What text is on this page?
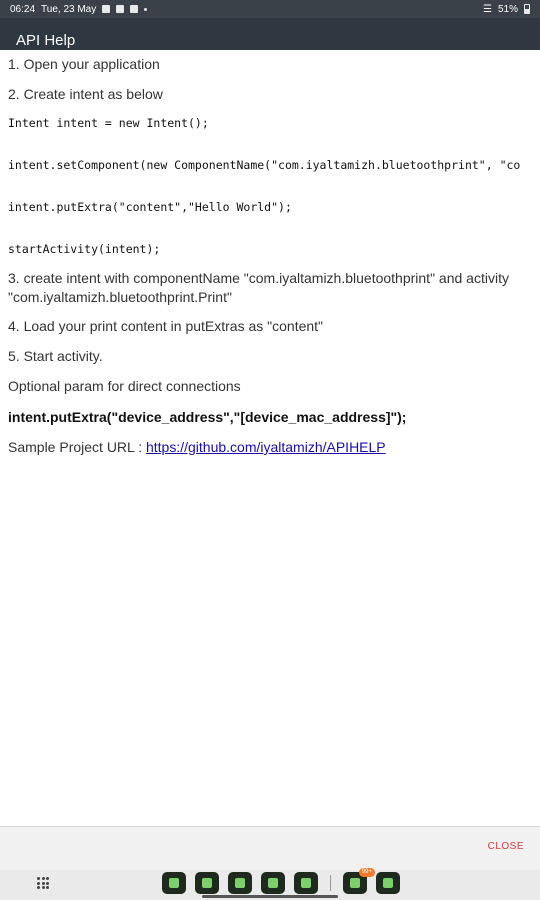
06:24 Tue, 23 May	☰ 51%
API Help

1. Open your application

2. Create intent as below

Intent intent = new Intent();

intent.setComponent(new ComponentName("com.iyaltamizh.bluetoothprint", "co

intent.putExtra("content","Hello World");

startActivity(intent);

3. create intent with componentName "com.iyaltamizh.bluetoothprint" and activity

"com.iyaltamizh.bluetoothprint.Print"

4. Load your print content in putExtras as "content"

5. Start activity.

Optional param for direct connections

intent.putExtra("device_address","[device_mac_address]");

Sample Project URL : https://github.com/iyaltamizh/APIHELP

CLOSE
99+
